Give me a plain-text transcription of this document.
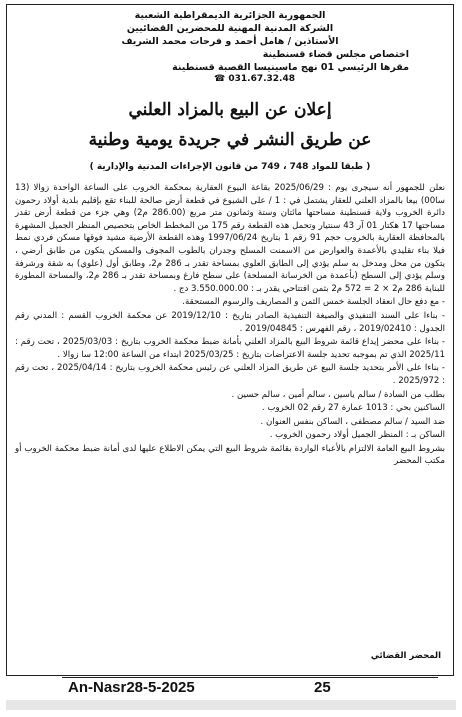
الجمهورية الجزائرية الديمقراطية الشعبية
الشركة المدنية المهنية للمحضرين القضائيين
الأستاذين / هامل أحمد و فرحات محمد الشريف
اختصاص مجلس قضاء قسنطينة
مقرها الرئيسي 01 نهج ماسينيسا القصبة قسنطينة
☎ 031.67.32.48
إعلان عن البيع بالمزاد العلني
عن طريق النشر في جريدة يومية وطنية
( طبقا للمواد 748 ، 749 من قانون الإجراءات المدنية والإدارية )

نعلن للجمهور أنه سيجرى يوم : 2025/06/29 بقاعة البيوع العقارية بمحكمة الخروب على الساعة الواحدة زوالا (13 سا00) بيعا بالمزاد العلني للعقار يشتمل في : 1 / على الشيوع في قطعة أرض صالحة للبناء تقع بإقليم بلدية أولاد رحمون دائرة الخروب ولاية قسنطينة مساحتها مائتان وستة وثمانون متر مربع (286.00 م2) وهي جزء من قطعة أرض تقدر مساحتها 17 هكتار 01 آر 43 سنتيار وتحمل هذه القطعة رقم 175 من المخطط الخاص بتحصيص المنظر الجميل المشهرة بالمحافظة العقارية بالخروب حجم 91 رقم 1 بتاريخ 1997/06/24 وهذه القطعة الأرضية مشيد فوقها مسكن فردي نمط فيلا بناء تقليدي بالأعمدة والعوارض من الاسمنت المسلح وجدران بالطوب المجوف والمسكن يتكون من طابق أرضي ، يتكون من محل ومدخل به سلم يؤدي إلى الطابق العلوي بمساحة تقدر بـ 286 م2، وطابق أول (علوي) به شقة ورشرفة وسلم يؤدي إلى السطح (بأعمدة من الخرسانة المسلحة) على سطح فارغ وبمساحة تقدر بـ 286 م2، والمساحة المطورة للبناية 286 م2 × 2 = 572 م2 بثمن افتتاحي يقدر بـ : 3.550.000.00 دج .

- مع دفع حال انعقاد الجلسة خمس الثمن و المصاريف والرسوم المستحقة.

- بناءا على السند التنفيذي والصيغة التنفيذية الصادر بتاريخ : 2019/12/10 عن محكمة الخروب القسم : المدني رقم الجدول : 2019/02410 ، رقم الفهرس : 2019/04845 .

- بناءا على محضر إيداع قائمة شروط البيع بالمزاد العلني بأمانة ضبط محكمة الخروب بتاريخ : 2025/03/03 ، تحت رقم : 2025/11 الذي تم بموجبه تحديد جلسة الاعتراضات بتاريخ : 2025/03/25 ابتداء من الساعة 12:00 سا زوالا .

- بناءا على الأمر بتحديد جلسة البيع عن طريق المزاد العلني عن رئيس محكمة الخروب بتاريخ : 2025/04/14 ، تحت رقم : 2025/972 .

بطلب من السادة / سالم ياسين ، سالم أمين ، سالم حسين .

الساكنين بحي : 1013 عمارة 27 رقم 02 الخروب .

ضد السيد / سالم مصطفى ، الساكن بنفس العنوان .

الساكن بـ : المنظر الجميل أولاد رحمون الخروب .

بشروط البيع العامة الالتزام بالأعباء الواردة بقائمة شروط البيع التي يمكن الاطلاع عليها لدى أمانة ضبط محكمة الخروب أو مكتب المحضر

المحضر القضائي
An-Nasr28-5-2025	25
